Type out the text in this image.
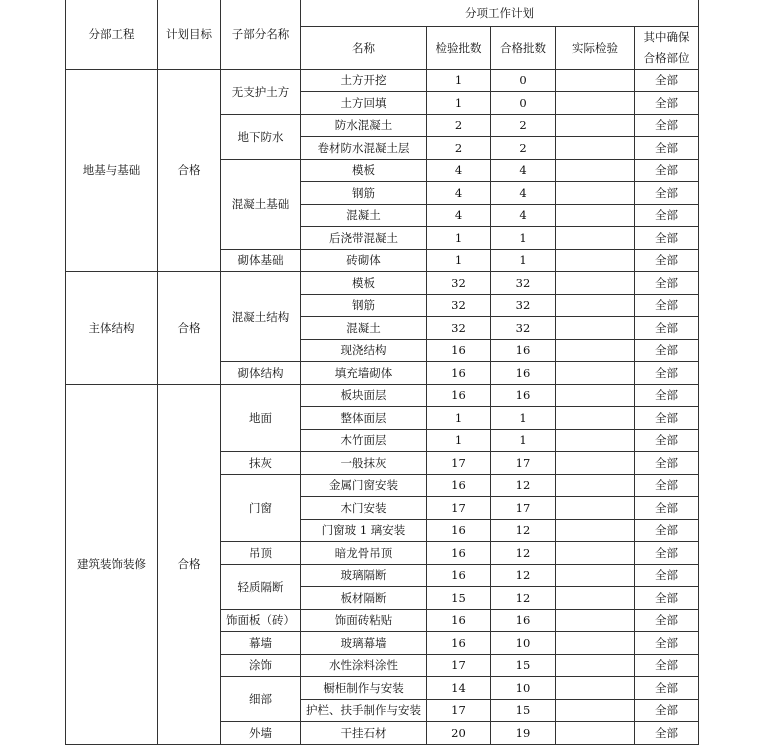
分部工程	计划目标	子部分名称	分项工作计划				
			名称	检验批数	合格批数	实际检验	其中确保
合格部位
地基与基础	合格	无支护土方	土方开挖	1	0		全部
			土方回填	1	0		全部
		地下防水	防水混凝土	2	2		全部
			卷材防水混凝土层	2	2		全部
		混凝土基础	模板	4	4		全部
			钢筋	4	4		全部
			混凝土	4	4		全部
			后浇带混凝土	1	1		全部
		砌体基础	砖砌体	1	1		全部
主体结构	合格	混凝土结构	模板	32	32		全部
			钢筋	32	32		全部
			混凝土	32	32		全部
			现浇结构	16	16		全部
		砌体结构	填充墙砌体	16	16		全部
建筑装饰装修	合格	地面	板块面层	16	16		全部
			整体面层	1	1		全部
			木竹面层	1	1		全部
		抹灰	一般抹灰	17	17		全部
		门窗	金属门窗安装	16	12		全部
			木门安装	17	17		全部
			门窗玻 1 璃安装	16	12		全部
		吊顶	暗龙骨吊顶	16	12		全部
		轻质隔断	玻璃隔断	16	12		全部
			板材隔断	15	12		全部
		饰面板（砖）	饰面砖粘贴	16	16		全部
		幕墙	玻璃幕墙	16	10		全部
		涂饰	水性涂料涂性	17	15		全部
		细部	橱柜制作与安装	14	10		全部
			护栏、扶手制作与安装	17	15		全部
		外墙	干挂石材	20	19		全部
